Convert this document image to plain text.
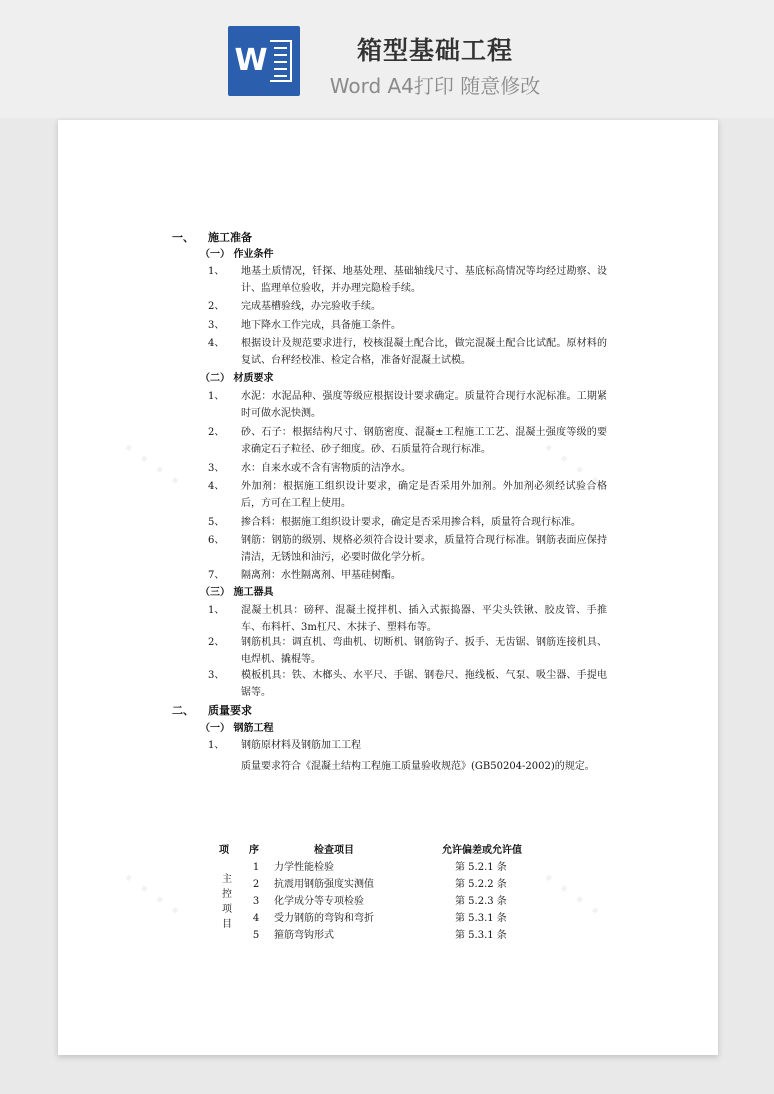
W	箱型基础工程
Word A4打印 随意修改
∙ ∙ ∙ ∙	∙ ∙ ∙ ∙
∙ ∙ ∙ ∙	∙ ∙ ∙ ∙
一、 施工准备
（一） 作业条件
1、	地基土质情况，钎探、地基处理、基础轴线尺寸、基底标高情况等均经过勘察、设计、监理单位验收，并办理完隐检手续。
2、	完成基槽验线，办完验收手续。
3、	地下降水工作完成，具备施工条件。
4、	根据设计及规范要求进行，校核混凝土配合比，做完混凝土配合比试配。原材料的复试、台秤经校准、检定合格，准备好混凝土试模。
（二） 材质要求
1、	水泥：水泥品种、强度等级应根据设计要求确定。质量符合现行水泥标准。工期紧时可做水泥快测。
2、	砂、石子：根据结构尺寸、钢筋密度、混凝±工程施工工艺、混凝土强度等级的要求确定石子粒径、砂子细度。砂、石质量符合现行标准。
3、	水：自来水或不含有害物质的洁净水。
4、	外加剂：根据施工组织设计要求，确定是否采用外加剂。外加剂必须经试验合格后，方可在工程上使用。
5、	掺合料：根据施工组织设计要求，确定是否采用掺合料，质量符合现行标准。
6、	钢筋：钢筋的级别、规格必须符合设计要求，质量符合现行标准。钢筋表面应保持清洁，无锈蚀和油污，必要时做化学分析。
7、	隔离剂：水性隔离剂、甲基硅树酯。
（三） 施工器具
1、	混凝土机具：磅秤、混凝土搅拌机、插入式振捣器、平尖头铁锹、胶皮管、手推车、布料杆、3m杠尺、木抹子、塑料布等。
2、	钢筋机具：调直机、弯曲机、切断机、钢筋钩子、扳手、无齿锯、钢筋连接机具、电焊机、撬棍等。
3、	模板机具：铁、木榔头、水平尺、手锯、钢卷尺、拖线板、气泵、吸尘器、手提电锯等。
二、 质量要求
（一） 钢筋工程
1、	钢筋原材料及钢筋加工工程
质量要求符合《混凝土结构工程施工质量验收规范》(GB50204-2002)的规定。
项 序	检查项目	允许偏差或允许值
主控项目
1 力学性能检验	第 5.2.1 条
2 抗震用钢筋强度实测值	第 5.2.2 条
3 化学成分等专项检验	第 5.2.3 条
4 受力钢筋的弯钩和弯折	第 5.3.1 条
5 箍筋弯钩形式	第 5.3.1 条
